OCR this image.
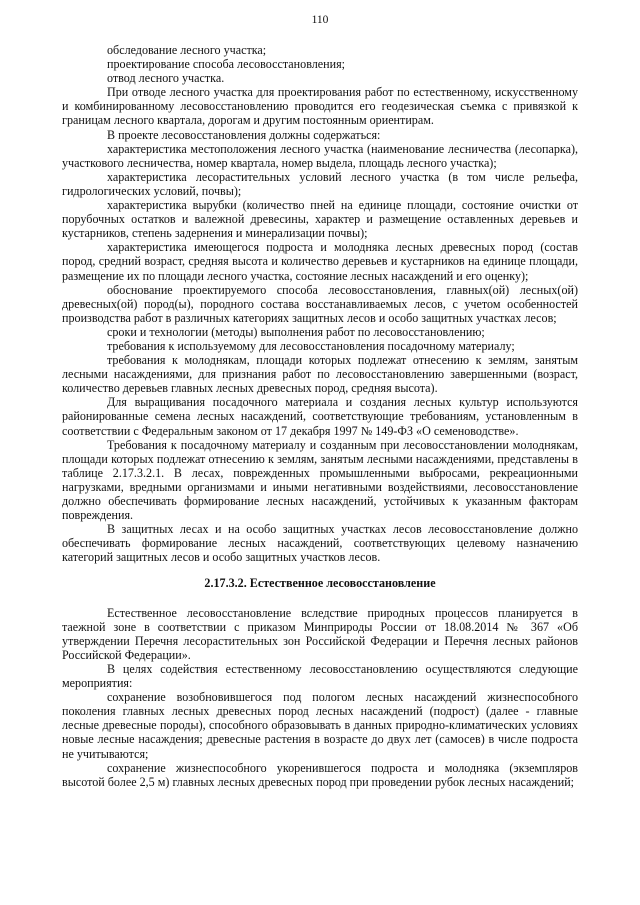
110

обследование лесного участка;

проектирование способа лесовосстановления;

отвод лесного участка.

При отводе лесного участка для проектирования работ по естественному, искусственному и комбинированному лесовосстановлению проводится его геодезическая съемка с привязкой к границам лесного квартала, дорогам и другим постоянным ориентирам.

В проекте лесовосстановления должны содержаться:

характеристика местоположения лесного участка (наименование лесничества (лесопарка), участкового лесничества, номер квартала, номер выдела, площадь лесного участка);

характеристика лесорастительных условий лесного участка (в том числе рельефа, гидрологических условий, почвы);

характеристика вырубки (количество пней на единице площади, состояние очистки от порубочных остатков и валежной древесины, характер и размещение оставленных деревьев и кустарников, степень задернения и минерализации почвы);

характеристика имеющегося подроста и молодняка лесных древесных пород (состав пород, средний возраст, средняя высота и количество деревьев и кустарников на единице площади, размещение их по площади лесного участка, состояние лесных насаждений и его оценку);

обоснование проектируемого способа лесовосстановления, главных(ой) лесных(ой) древесных(ой) пород(ы), породного состава восстанавливаемых лесов, с учетом особенностей производства работ в различных категориях защитных лесов и особо защитных участках лесов;

сроки и технологии (методы) выполнения работ по лесовосстановлению;

требования к используемому для лесовосстановления посадочному материалу;

требования к молоднякам, площади которых подлежат отнесению к землям, занятым лесными насаждениями, для признания работ по лесовосстановлению завершенными (возраст, количество деревьев главных лесных древесных пород, средняя высота).

Для выращивания посадочного материала и создания лесных культур используются районированные семена лесных насаждений, соответствующие требованиям, установленным в соответствии с Федеральным законом от 17 декабря 1997 № 149-ФЗ «О семеноводстве».

Требования к посадочному материалу и созданным при лесовосстановлении молоднякам, площади которых подлежат отнесению к землям, занятым лесными насаждениями, представлены в таблице 2.17.3.2.1. В лесах, поврежденных промышленными выбросами, рекреационными нагрузками, вредными организмами и иными негативными воздействиями, лесовосстановление должно обеспечивать формирование лесных насаждений, устойчивых к указанным факторам повреждения.

В защитных лесах и на особо защитных участках лесов лесовосстановление должно обеспечивать формирование лесных насаждений, соответствующих целевому назначению категорий защитных лесов и особо защитных участков лесов.

2.17.3.2. Естественное лесовосстановление

Естественное лесовосстановление вследствие природных процессов планируется в таежной зоне в соответствии с приказом Минприроды России от 18.08.2014 № 367 «Об утверждении Перечня лесорастительных зон Российской Федерации и Перечня лесных районов Российской Федерации».

В целях содействия естественному лесовосстановлению осуществляются следующие мероприятия:

сохранение возобновившегося под пологом лесных насаждений жизнеспособного поколения главных лесных древесных пород лесных насаждений (подрост) (далее - главные лесные древесные породы), способного образовывать в данных природно-климатических условиях новые лесные насаждения; древесные растения в возрасте до двух лет (самосев) в числе подроста не учитываются;

сохранение жизнеспособного укоренившегося подроста и молодняка (экземпляров высотой более 2,5 м) главных лесных древесных пород при проведении рубок лесных насаждений;
